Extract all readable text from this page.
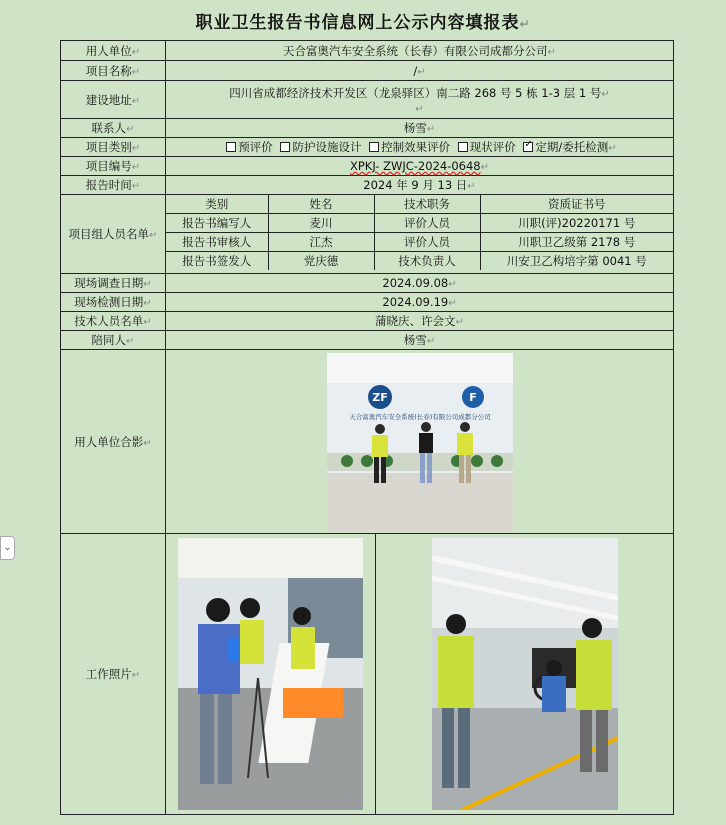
职业卫生报告书信息网上公示内容填报表↵
用人单位↵	天合富奥汽车安全系统（长春）有限公司成都分公司↵
项目名称↵	/↵
建设地址↵	四川省成都经济技术开发区（龙泉驿区）南二路 268 号 5 栋 1-3 层 1 号↵
↵
联系人↵	杨雪↵
项目类别↵	预评价 防护设施设计 控制效果评价 现状评价 ✓ 定期/委托检测↵
项目编号↵	XPKJ- ZWJC-2024-0648↵
报告时间↵	2024 年 9 月 13 日↵
项目组人员名单↵	
类别	姓名	技术职务	资质证书号
报告书编写人	麦川	评价人员	川职(评)20220171 号
报告书审核人	江杰	评价人员	川职卫乙级第 2178 号
报告书签发人	党庆德	技术负责人	川安卫乙构培字第 0041 号

现场调查日期↵	2024.09.08↵
现场检测日期↵	2024.09.19↵
技术人员名单↵	蒲晓庆、许会文↵
陪同人↵	杨雪↵
用人单位合影↵	
ZF	F
天合富奥汽车安全系统(长春)有限公司成都分公司

工作照片↵	
⌄
